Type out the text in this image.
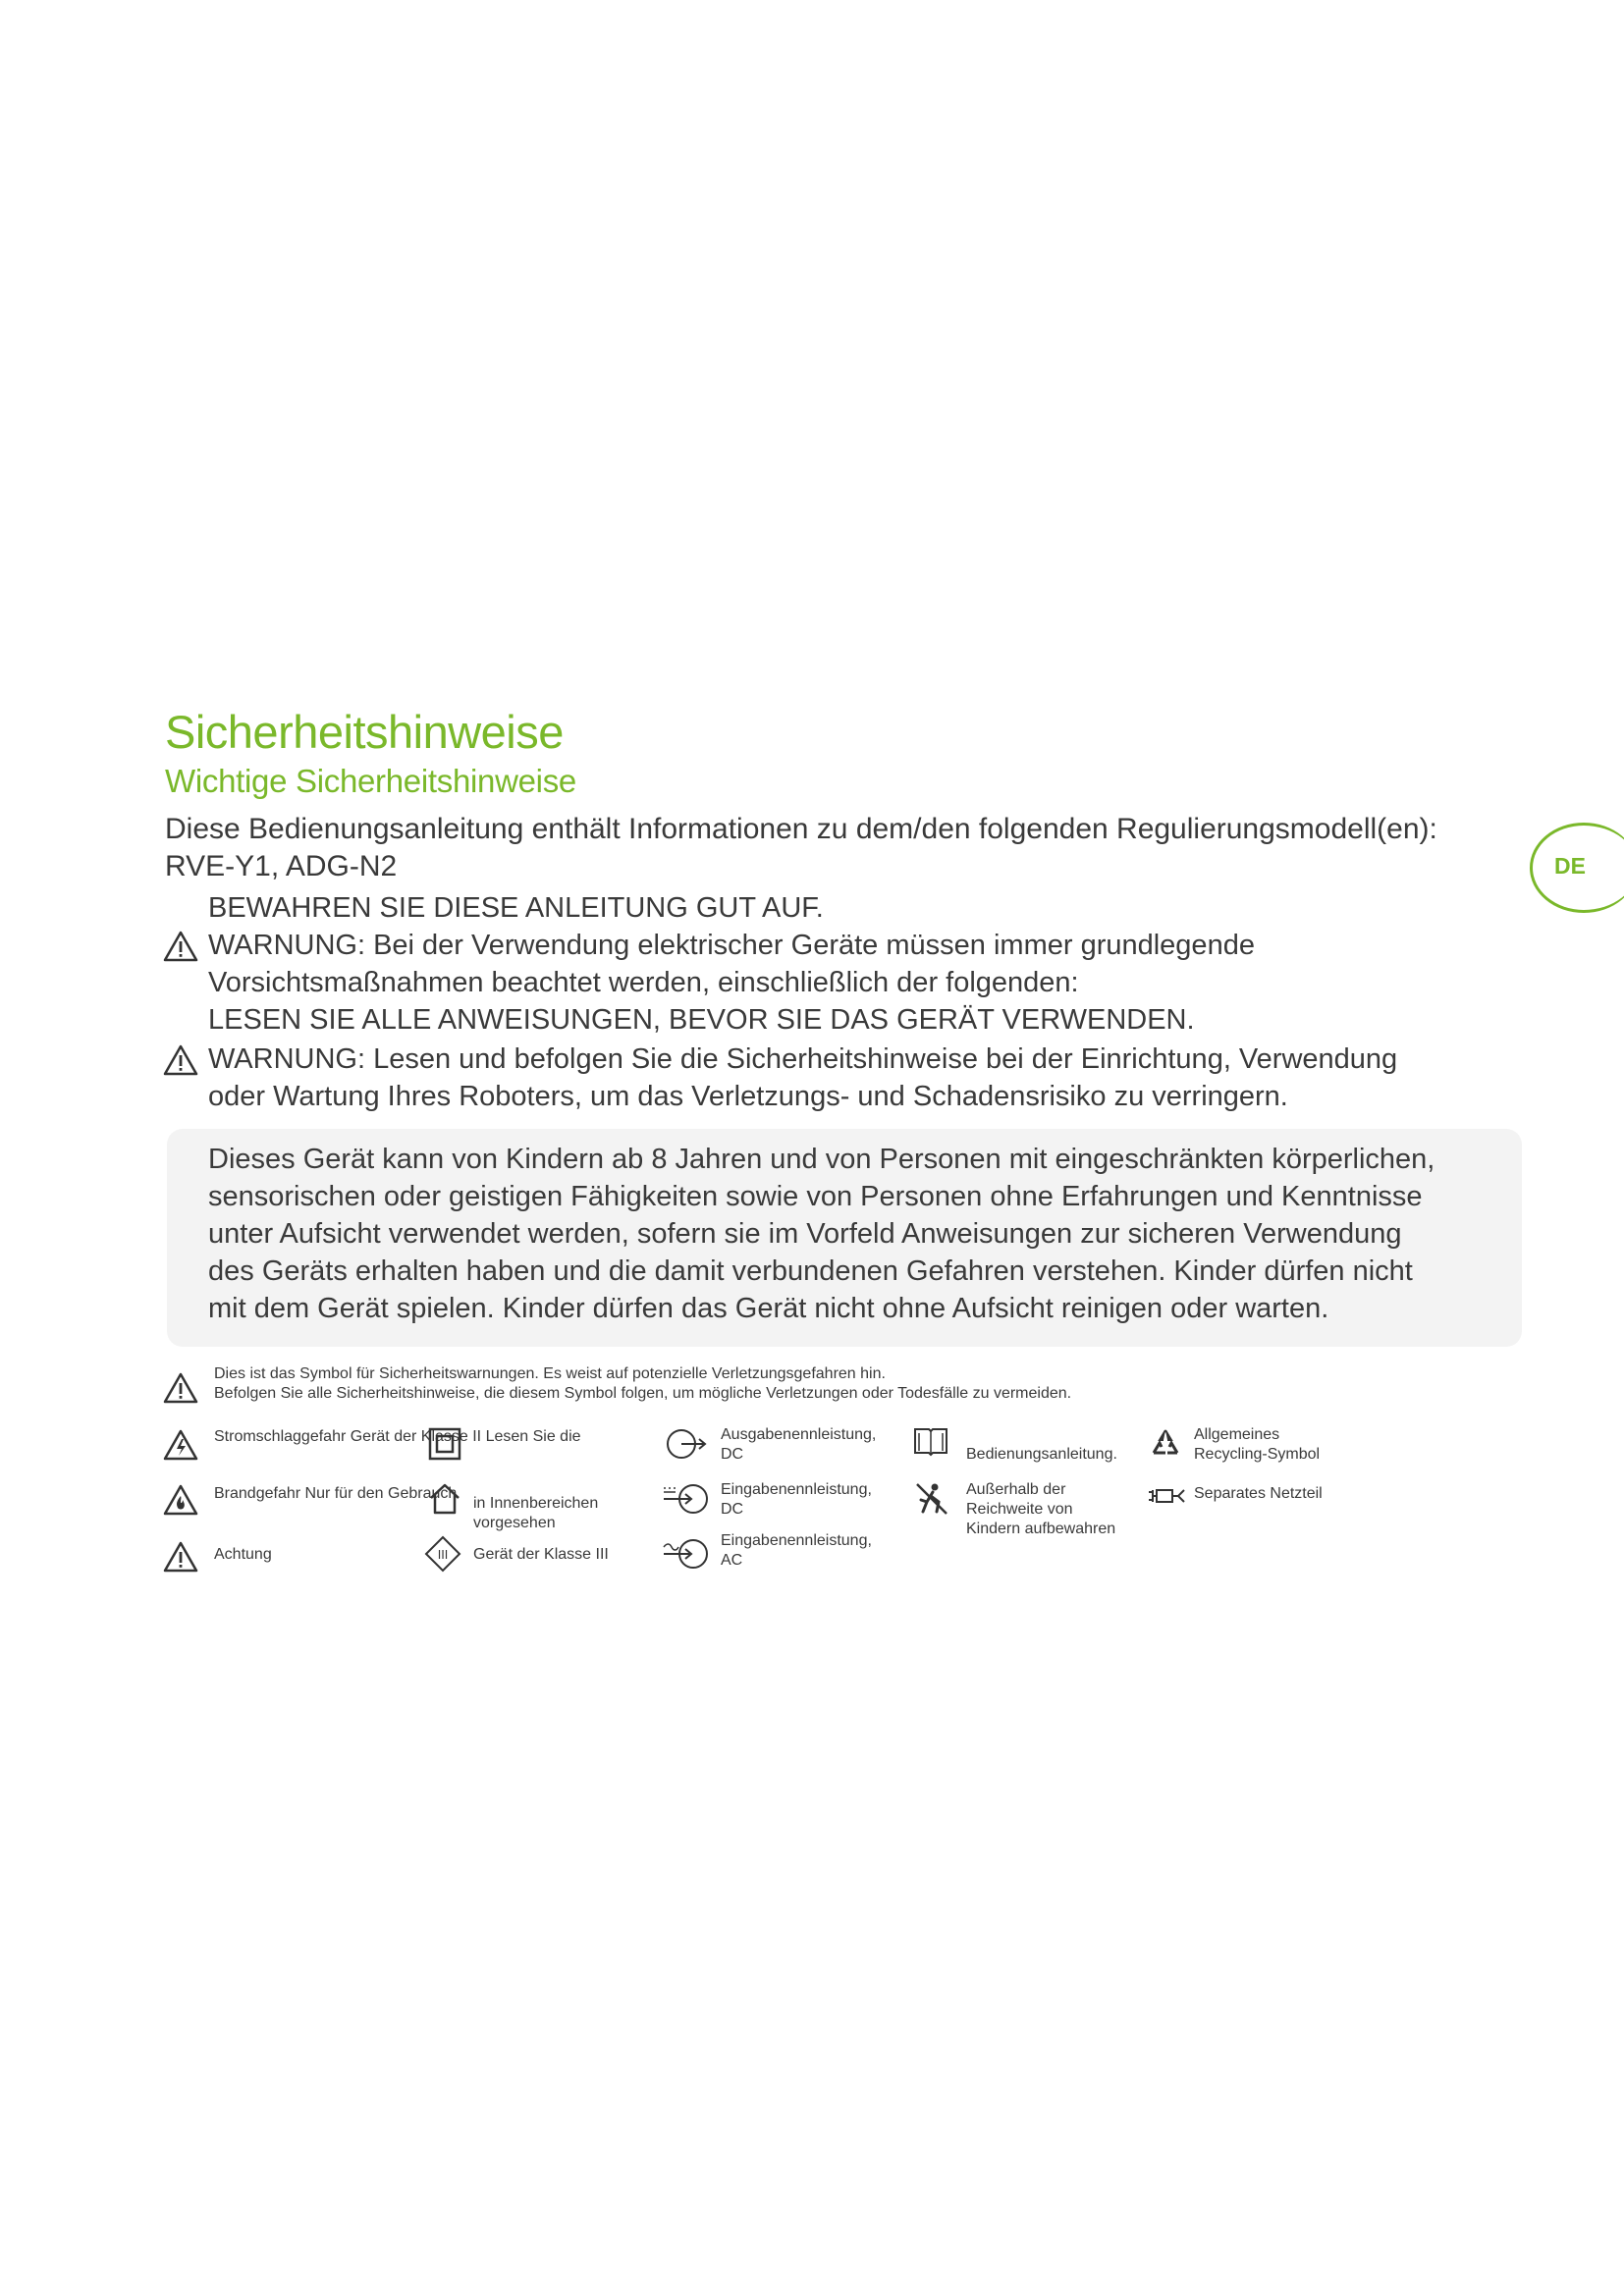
Sicherheitshinweise
Wichtige Sicherheitshinweise
DE
Diese Bedienungsanleitung enthält Informationen zu dem/den folgenden Regulierungsmodell(en):
RVE-Y1, ADG-N2
BEWAHREN SIE DIESE ANLEITUNG GUT AUF.
WARNUNG: Bei der Verwendung elektrischer Geräte müssen immer grundlegende
Vorsichtsmaßnahmen beachtet werden, einschließlich der folgenden:
LESEN SIE ALLE ANWEISUNGEN, BEVOR SIE DAS GERÄT VERWENDEN.
WARNUNG: Lesen und befolgen Sie die Sicherheitshinweise bei der Einrichtung, Verwendung
oder Wartung Ihres Roboters, um das Verletzungs- und Schadensrisiko zu verringern.
Dieses Gerät kann von Kindern ab 8 Jahren und von Personen mit eingeschränkten körperlichen,
sensorischen oder geistigen Fähigkeiten sowie von Personen ohne Erfahrungen und Kenntnisse
unter Aufsicht verwendet werden, sofern sie im Vorfeld Anweisungen zur sicheren Verwendung
des Geräts erhalten haben und die damit verbundenen Gefahren verstehen. Kinder dürfen nicht
mit dem Gerät spielen. Kinder dürfen das Gerät nicht ohne Aufsicht reinigen oder warten.
Dies ist das Symbol für Sicherheitswarnungen. Es weist auf potenzielle Verletzungsgefahren hin.
Befolgen Sie alle Sicherheitshinweise, die diesem Symbol folgen, um mögliche Verletzungen oder Todesfälle zu vermeiden.
Stromschlaggefahr Gerät der Klasse II Lesen Sie die
Brandgefahr Nur für den Gebrauch
Achtung
in Innenbereichen
vorgesehen
III Gerät der Klasse III
Ausgabenennleistung,
DC
Eingabenennleistung,
DC
Eingabenennleistung,
AC
Bedienungsanleitung.
Außerhalb der
Reichweite von
Kindern aufbewahren
Allgemeines
Recycling-Symbol
Separates Netzteil
